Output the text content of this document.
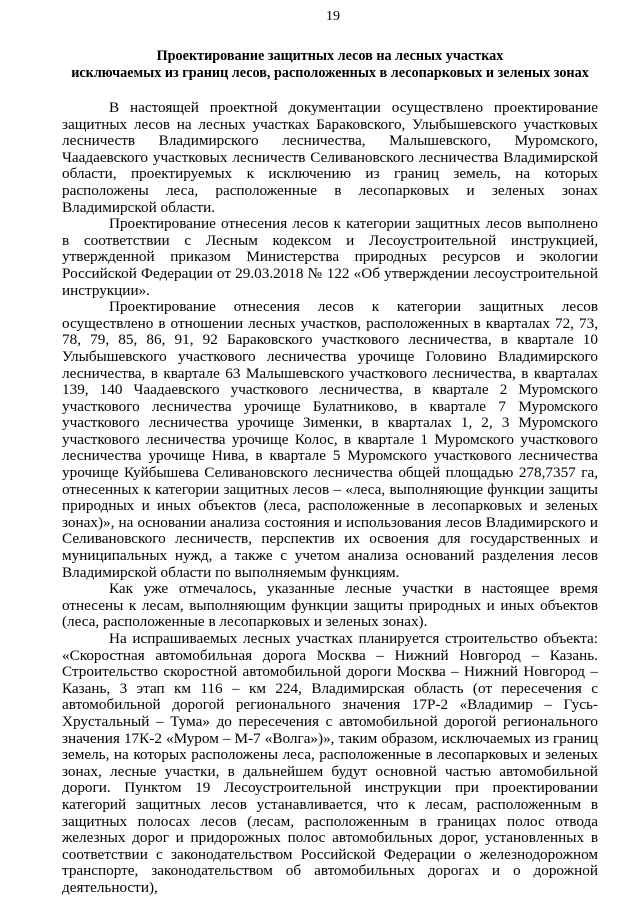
19
Проектирование защитных лесов на лесных участках
исключаемых из границ лесов, расположенных в лесопарковых и зеленых зонах

В настоящей проектной документации осуществлено проектирование защитных лесов на лесных участках Бараковского, Улыбышевского участковых лесничеств Владимирского лесничества, Малышевского, Муромского, Чаадаевского участковых лесничеств Селивановского лесничества Владимирской области, проектируемых к исключению из границ земель, на которых расположены леса, расположенные в лесопарковых и зеленых зонах Владимирской области.

Проектирование отнесения лесов к категории защитных лесов выполнено в соответствии с Лесным кодексом и Лесоустроительной инструкцией, утвержденной приказом Министерства природных ресурсов и экологии Российской Федерации от 29.03.2018 № 122 «Об утверждении лесоустроительной инструкции».

Проектирование отнесения лесов к категории защитных лесов осуществлено в отношении лесных участков, расположенных в кварталах 72, 73, 78, 79, 85, 86, 91, 92 Бараковского участкового лесничества, в квартале 10 Улыбышевского участкового лесничества урочище Головино Владимирского лесничества, в квартале 63 Малышевского участкового лесничества, в кварталах 139, 140 Чаадаевского участкового лесничества, в квартале 2 Муромского участкового лесничества урочище Булатниково, в квартале 7 Муромского участкового лесничества урочище Зименки, в кварталах 1, 2, 3 Муромского участкового лесничества урочище Колос, в квартале 1 Муромского участкового лесничества урочище Нива, в квартале 5 Муромского участкового лесничества урочище Куйбышева Селивановского лесничества общей площадью 278,7357 га, отнесенных к категории защитных лесов – «леса, выполняющие функции защиты природных и иных объектов (леса, расположенные в лесопарковых и зеленых зонах)», на основании анализа состояния и использования лесов Владимирского и Селивановского лесничеств, перспектив их освоения для государственных и муниципальных нужд, а также с учетом анализа оснований разделения лесов Владимирской области по выполняемым функциям.

Как уже отмечалось, указанные лесные участки в настоящее время отнесены к лесам, выполняющим функции защиты природных и иных объектов (леса, расположенные в лесопарковых и зеленых зонах).

На испрашиваемых лесных участках планируется строительство объекта: «Скоростная автомобильная дорога Москва – Нижний Новгород – Казань. Строительство скоростной автомобильной дороги Москва – Нижний Новгород – Казань, 3 этап км 116 – км 224, Владимирская область (от пересечения с автомобильной дорогой регионального значения 17Р-2 «Владимир – Гусь-Хрустальный – Тума» до пересечения с автомобильной дорогой регионального значения 17К-2 «Муром – М-7 «Волга»)», таким образом, исключаемых из границ земель, на которых расположены леса, расположенные в лесопарковых и зеленых зонах, лесные участки, в дальнейшем будут основной частью автомобильной дороги. Пунктом 19 Лесоустроительной инструкции при проектировании категорий защитных лесов устанавливается, что к лесам, расположенным в защитных полосах лесов (лесам, расположенным в границах полос отвода железных дорог и придорожных полос автомобильных дорог, установленных в соответствии с законодательством Российской Федерации о железнодорожном транспорте, законодательством об автомобильных дорогах и о дорожной деятельности),
